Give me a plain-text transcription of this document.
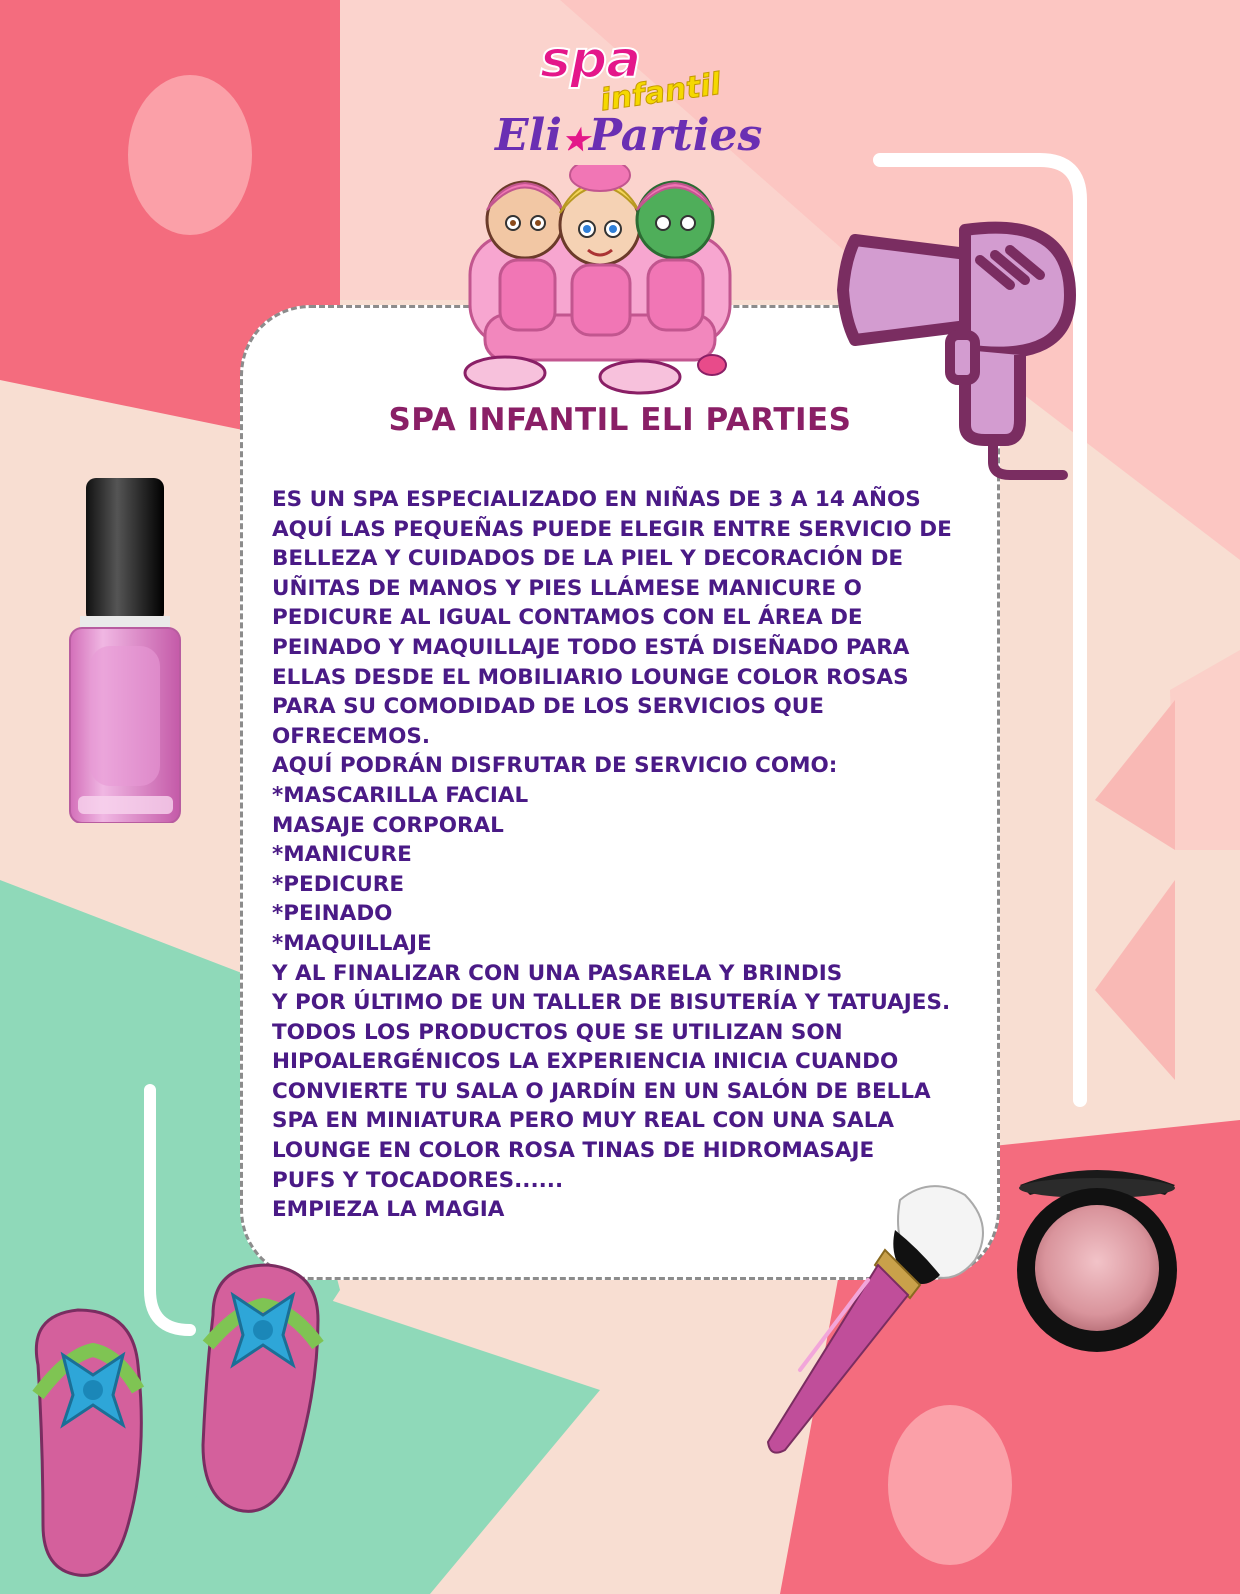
spa
infantil
Eli★Parties
SPA INFANTIL ELI PARTIES
ES UN SPA ESPECIALIZADO EN NIÑAS DE 3 A 14 AÑOS
AQUÍ LAS PEQUEÑAS PUEDE ELEGIR ENTRE SERVICIO DE
BELLEZA Y CUIDADOS DE LA PIEL Y DECORACIÓN DE
UÑITAS DE MANOS Y PIES LLÁMESE MANICURE O
PEDICURE AL IGUAL CONTAMOS CON EL ÁREA DE
PEINADO Y MAQUILLAJE TODO ESTÁ DISEÑADO PARA
ELLAS DESDE EL MOBILIARIO LOUNGE COLOR ROSAS
PARA SU COMODIDAD DE LOS SERVICIOS QUE
OFRECEMOS.
AQUÍ PODRÁN DISFRUTAR DE SERVICIO COMO:
*MASCARILLA FACIAL
MASAJE CORPORAL
*MANICURE
*PEDICURE
*PEINADO
*MAQUILLAJE
Y AL FINALIZAR CON UNA PASARELA Y BRINDIS
Y POR ÚLTIMO DE UN TALLER DE BISUTERÍA Y TATUAJES.
TODOS LOS PRODUCTOS QUE SE UTILIZAN SON
HIPOALERGÉNICOS LA EXPERIENCIA INICIA CUANDO
CONVIERTE TU SALA O JARDÍN EN UN SALÓN DE BELLA
SPA EN MINIATURA PERO MUY REAL CON UNA SALA
LOUNGE EN COLOR ROSA TINAS DE HIDROMASAJE
PUFS Y TOCADORES......
EMPIEZA LA MAGIA
